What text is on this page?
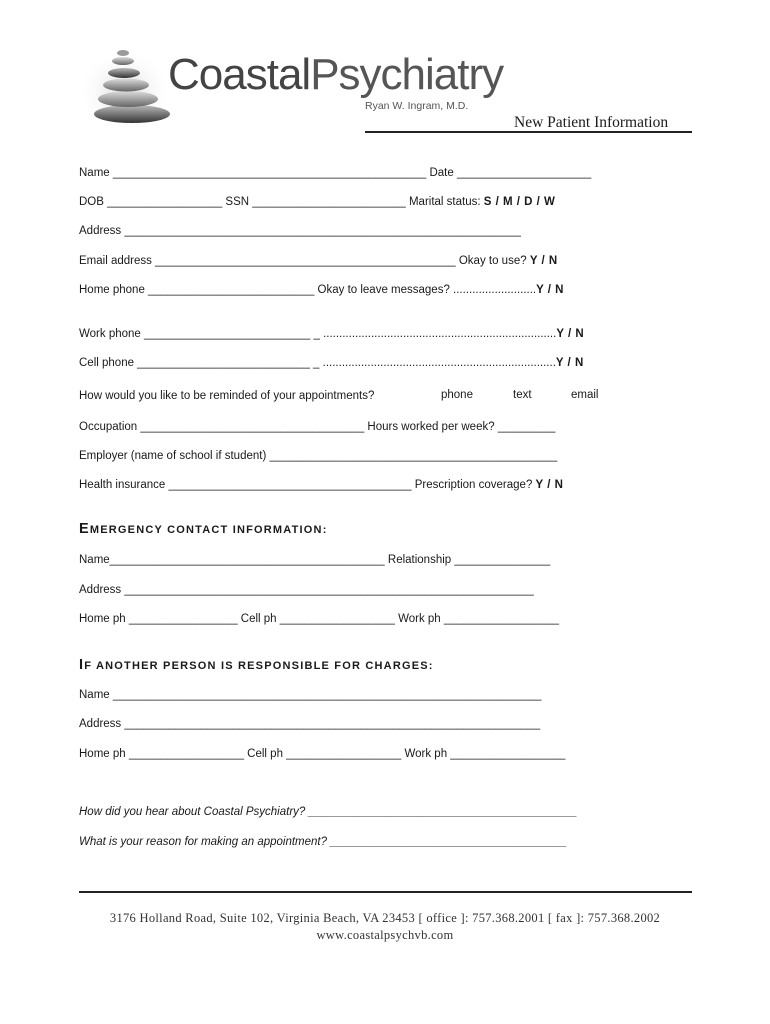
CoastalPsychiatry
Ryan W. Ingram, M.D.
New Patient Information
Name _________________________________________________ Date _____________________
DOB __________________ SSN ________________________ Marital status: S / M / D / W
Address ______________________________________________________________
Email address _______________________________________________ Okay to use? Y / N
Home phone __________________________ Okay to leave messages? ..........................Y / N
Work phone __________________________ _ .........................................................................Y / N
Cell phone ___________________________ _ .........................................................................Y / N
How would you like to be reminded of your appointments?	phone	text	email
Occupation ___________________________________ Hours worked per week? _________
Employer (name of school if student) _____________________________________________
Health insurance ______________________________________ Prescription coverage? Y / N
EMERGENCY CONTACT INFORMATION:
Name___________________________________________ Relationship _______________
Address ________________________________________________________________
Home ph _________________ Cell ph __________________ Work ph __________________
IF ANOTHER PERSON IS RESPONSIBLE FOR CHARGES:
Name ___________________________________________________________________
Address _________________________________________________________________
Home ph __________________ Cell ph __________________ Work ph __________________
How did you hear about Coastal Psychiatry? __________________________________________
What is your reason for making an appointment? _____________________________________
3176 Holland Road, Suite 102, Virginia Beach, VA 23453 [ office ]: 757.368.2001 [ fax ]: 757.368.2002
www.coastalpsychvb.com
